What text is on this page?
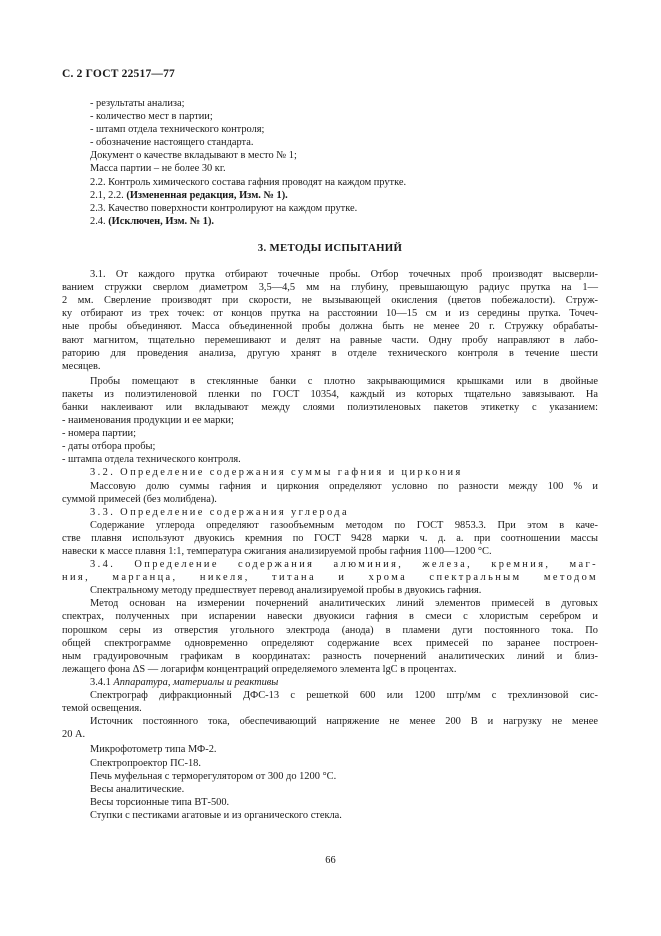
С. 2 ГОСТ 22517—77
- результаты анализа;
- количество мест в партии;
- штамп отдела технического контроля;
- обозначение настоящего стандарта.
Документ о качестве вкладывают в место № 1;
Масса партии – не более 30 кг.
2.2. Контроль химического состава гафния проводят на каждом прутке.
2.1, 2.2. (Измененная редакция, Изм. № 1).
2.3. Качество поверхности контролируют на каждом прутке.
2.4. (Исключен, Изм. № 1).
3. МЕТОДЫ ИСПЫТАНИЙ
3.1. От каждого прутка отбирают точечные пробы. Отбор точечных проб производят высверли-
ванием стружки сверлом диаметром 3,5—4,5 мм на глубину, превышающую радиус прутка на 1—
2 мм. Сверление производят при скорости, не вызывающей окисления (цветов побежалости). Струж-
ку отбирают из трех точек: от концов прутка на расстоянии 10—15 см и из середины прутка. Точеч-
ные пробы объединяют. Масса объединенной пробы должна быть не менее 20 г. Стружку обрабаты-
вают магнитом, тщательно перемешивают и делят на равные части. Одну пробу направляют в лабо-
раторию для проведения анализа, другую хранят в отделе технического контроля в течение шести
месяцев.
Пробы помещают в стеклянные банки с плотно закрывающимися крышками или в двойные
пакеты из полиэтиленовой пленки по ГОСТ 10354, каждый из которых тщательно завязывают. На
банки наклеивают или вкладывают между слоями полиэтиленовых пакетов этикетку с указанием:
- наименования продукции и ее марки;
- номера партии;
- даты отбора пробы;
- штампа отдела технического контроля.
3.2. Определение содержания суммы гафния и циркония
Массовую долю суммы гафния и циркония определяют условно по разности между 100 % и
суммой примесей (без молибдена).
3.3. Определение содержания углерода
Содержание углерода определяют газообъемным методом по ГОСТ 9853.3. При этом в каче-
стве плавня используют двуокись кремния по ГОСТ 9428 марки ч. д. а. при соотношении массы
навески к массе плавня 1:1, температура сжигания анализируемой пробы гафния 1100—1200 °С.
3.4. Определение содержания алюминия, железа, кремния, маг-
ния, марганца, никеля, титана и хрома спектральным методом
Спектральному методу предшествует перевод анализируемой пробы в двуокись гафния.
Метод основан на измерении почернений аналитических линий элементов примесей в дуговых
спектрах, полученных при испарении навески двуокиси гафния в смеси с хлористым серебром и
порошком серы из отверстия угольного электрода (анода) в пламени дуги постоянного тока. По
общей спектрограмме одновременно определяют содержание всех примесей по заранее построен-
ным градуировочным графикам в координатах: разность почернений аналитических линий и близ-
лежащего фона ΔS — логарифм концентраций определяемого элемента lgC в процентах.
3.4.1 Аппаратура, материалы и реактивы
Спектрограф дифракционный ДФС-13 с решеткой 600 или 1200 штр/мм с трехлинзовой сис-
темой освещения.
Источник постоянного тока, обеспечивающий напряжение не менее 200 В и нагрузку не менее
20 А.
Микрофотометр типа МФ-2.
Спектропроектор ПС-18.
Печь муфельная с терморегулятором от 300 до 1200 °С.
Весы аналитические.
Весы торсионные типа ВТ-500.
Ступки с пестиками агатовые и из органического стекла.
66
